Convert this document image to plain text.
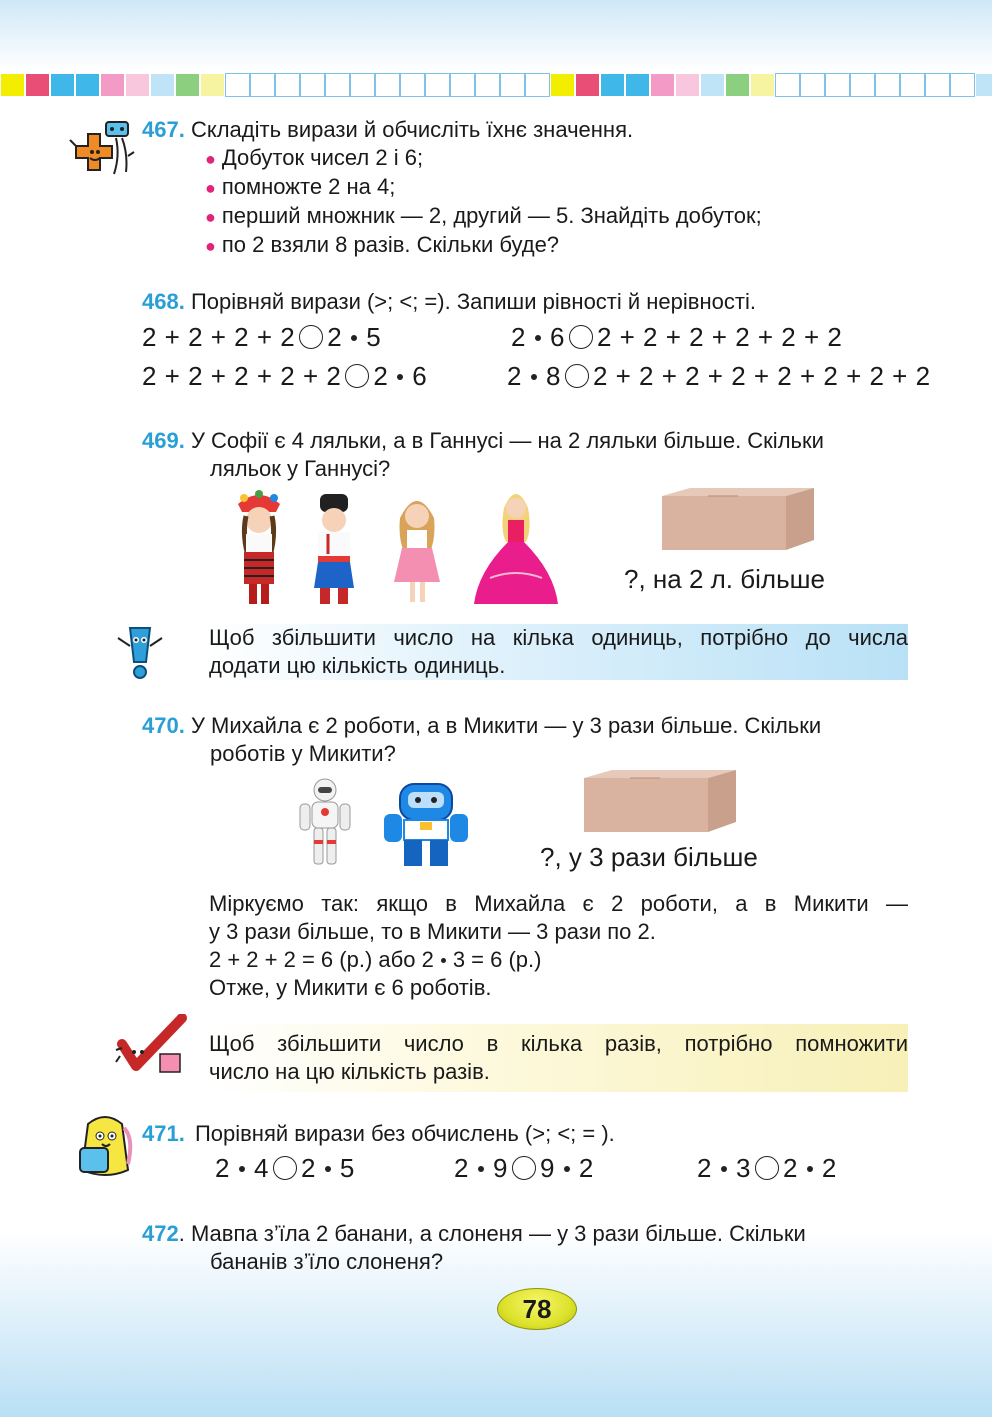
467. Складіть вирази й обчисліть їхнє значення.
● Добуток чисел 2 і 6;
● помножте 2 на 4;
● перший множник — 2, другий — 5. Знайдіть добуток;
● по 2 взяли 8 разів. Скільки буде?
468. Порівняй вирази (>; <; =). Запиши рівності й нерівності.
2 + 2 + 2 + 2 2 5	2 6 2 + 2 + 2 + 2 + 2 + 2
2 + 2 + 2 + 2 + 2 2 6	2 8 2 + 2 + 2 + 2 + 2 + 2 + 2 + 2
469. У Софії є 4 ляльки, а в Ганнусі — на 2 ляльки більше. Скільки
ляльок у Ганнусі?
?, на 2 л. більше
Щоб збільшити число на кілька одиниць, потрібно до числа
додати цю кількість одиниць.
470. У Михайла є 2 роботи, а в Микити — у 3 рази більше. Скільки
роботів у Микити?
?, у 3 рази більше
Міркуємо так: якщо в Михайла є 2 роботи, а в Микити —
у 3 рази більше, то в Микити — 3 рази по 2.
2 + 2 + 2 = 6 (р.) або 2 3 = 6 (р.)
Отже, у Микити є 6 роботів.
Щоб збільшити число в кілька разів, потрібно помножити
число на цю кількість разів.
471. Порівняй вирази без обчислень (>; <; = ).
2 4 2 5	2 9 9 2	2 3 2 2
472. Мавпа з’їла 2 банани, а слоненя — у 3 рази більше. Скільки
бананів з’їло слоненя?
78
